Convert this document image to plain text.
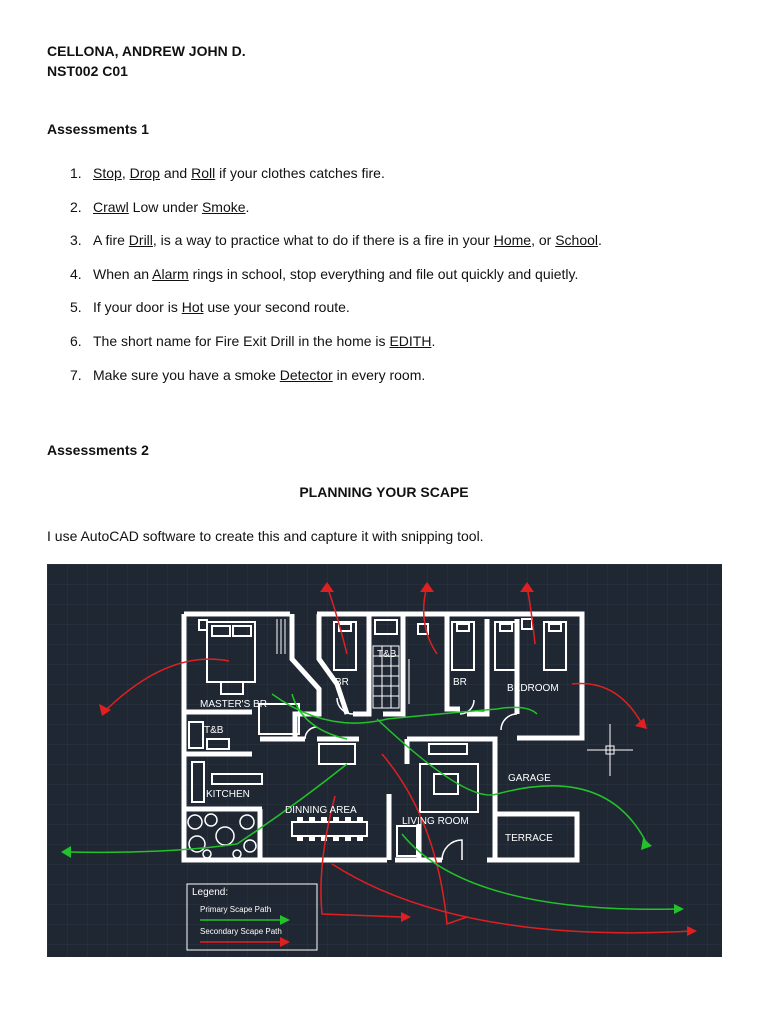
CELLONA, ANDREW JOHN D.
NST002 C01
Assessments 1
1. Stop, Drop and Roll if your clothes catches fire.
2. Crawl Low under Smoke.
3. A fire Drill, is a way to practice what to do if there is a fire in your Home, or School.
4. When an Alarm rings in school, stop everything and file out quickly and quietly.
5. If your door is Hot use your second route.
6. The short name for Fire Exit Drill in the home is EDITH.
7. Make sure you have a smoke Detector in every room.
Assessments 2
PLANNING YOUR SCAPE
I use AutoCAD software to create this and capture it with snipping tool.
T&B
BR	BR
BEDROOM
MASTER'S BR
T&B
KITCHEN
DINNING AREA
LIVING ROOM
GARAGE
TERRACE
Legend:
Primary Scape Path
Secondary Scape Path
